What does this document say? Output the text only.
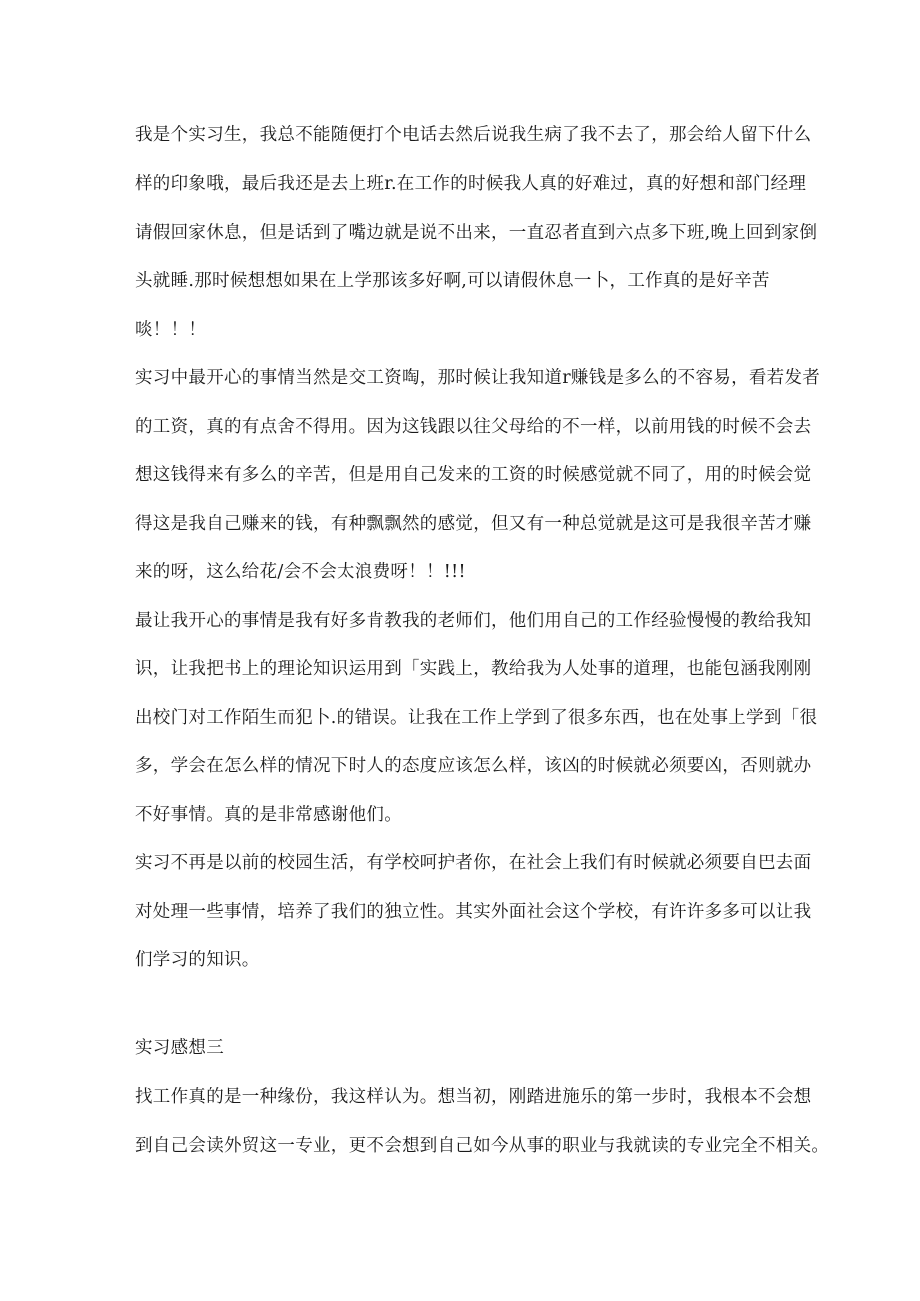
我是个实习生，我总不能随便打个电话去然后说我生病了我不去了，那会给人留下什么
样的印象哦，最后我还是去上班r.在工作的时候我人真的好难过，真的好想和部门经理
请假回家休息，但是话到了嘴边就是说不出来，一直忍者直到六点多下班,晚上回到家倒
头就睡.那时候想想如果在上学那该多好啊,可以请假休息一卜，工作真的是好辛苦
啖！！！
实习中最开心的事情当然是交工资啕，那时候让我知道r赚钱是多么的不容易，看若发者
的工资，真的有点舍不得用。因为这钱跟以往父母给的不一样，以前用钱的时候不会去
想这钱得来有多么的辛苦，但是用自己发来的工资的时候感觉就不同了，用的时候会觉
得这是我自己赚来的钱，有种飘飘然的感觉，但又有一种总觉就是这可是我很辛苦才赚
来的呀，这么给花/会不会太浪费呀！！!!!
最让我开心的事情是我有好多肯教我的老师们，他们用自己的工作经验慢慢的教给我知
识，让我把书上的理论知识运用到「实践上，教给我为人处事的道理，也能包涵我刚刚
出校门对工作陌生而犯卜.的错误。让我在工作上学到了很多东西，也在处事上学到「很
多，学会在怎么样的情况下时人的态度应该怎么样，该凶的时候就必须要凶，否则就办
不好事情。真的是非常感谢他们。
实习不再是以前的校园生活，有学校呵护者你，在社会上我们有时候就必须要自巴去面
对处理一些事情，培养了我们的独立性。其实外面社会这个学校，有许许多多可以让我
们学习的知识。
实习感想三
找工作真的是一种缘份，我这样认为。想当初，刚踏进施乐的第一步时，我根本不会想
到自己会读外贸这一专业，更不会想到自己如今从事的职业与我就读的专业完全不相关。
